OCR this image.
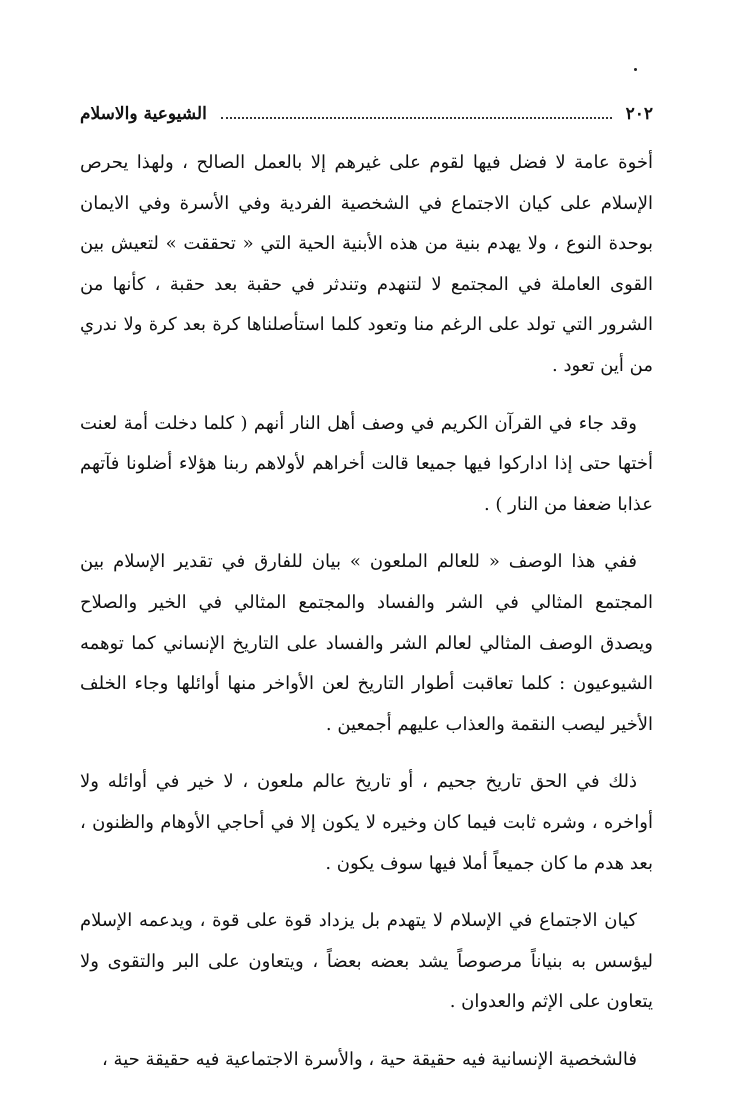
٢٠٢
الشيوعية والاسلام

أخوة عامة لا فضل فيها لقوم على غيرهم إلا بالعمل الصالح ، ولهذا يحرص الإسلام على كيان الاجتماع في الشخصية الفردية وفي الأسرة وفي الايمان بوحدة النوع ، ولا يهدم بنية من هذه الأبنية الحية التي « تحققت » لتعيش بين القوى العاملة في المجتمع لا لتنهدم وتندثر في حقبة بعد حقبة ، كأنها من الشرور التي تولد على الرغم منا وتعود كلما استأصلناها كرة بعد كرة ولا ندري من أين تعود .

وقد جاء في القرآن الكريم في وصف أهل النار أنهم ( كلما دخلت أمة لعنت أختها حتى إذا اداركوا فيها جميعا قالت أخراهم لأولاهم ربنا هؤلاء أضلونا فآتهم عذابا ضعفا من النار ) .

ففي هذا الوصف « للعالم الملعون » بيان للفارق في تقدير الإسلام بين المجتمع المثالي في الشر والفساد والمجتمع المثالي في الخير والصلاح ويصدق الوصف المثالي لعالم الشر والفساد على التاريخ الإنساني كما توهمه الشيوعيون : كلما تعاقبت أطوار التاريخ لعن الأواخر منها أوائلها وجاء الخلف الأخير ليصب النقمة والعذاب عليهم أجمعين .

ذلك في الحق تاريخ جحيم ، أو تاريخ عالم ملعون ، لا خير في أوائله ولا أواخره ، وشره ثابت فيما كان وخيره لا يكون إلا في أحاجي الأوهام والظنون ، بعد هدم ما كان جميعاً أملا فيها سوف يكون .

كيان الاجتماع في الإسلام لا يتهدم بل يزداد قوة على قوة ، ويدعمه الإسلام ليؤسس به بنياناً مرصوصاً يشد بعضه بعضاً ، ويتعاون على البر والتقوى ولا يتعاون على الإثم والعدوان .

فالشخصية الإنسانية فيه حقيقة حية ، والأسرة الاجتماعية فيه حقيقة حية ،
